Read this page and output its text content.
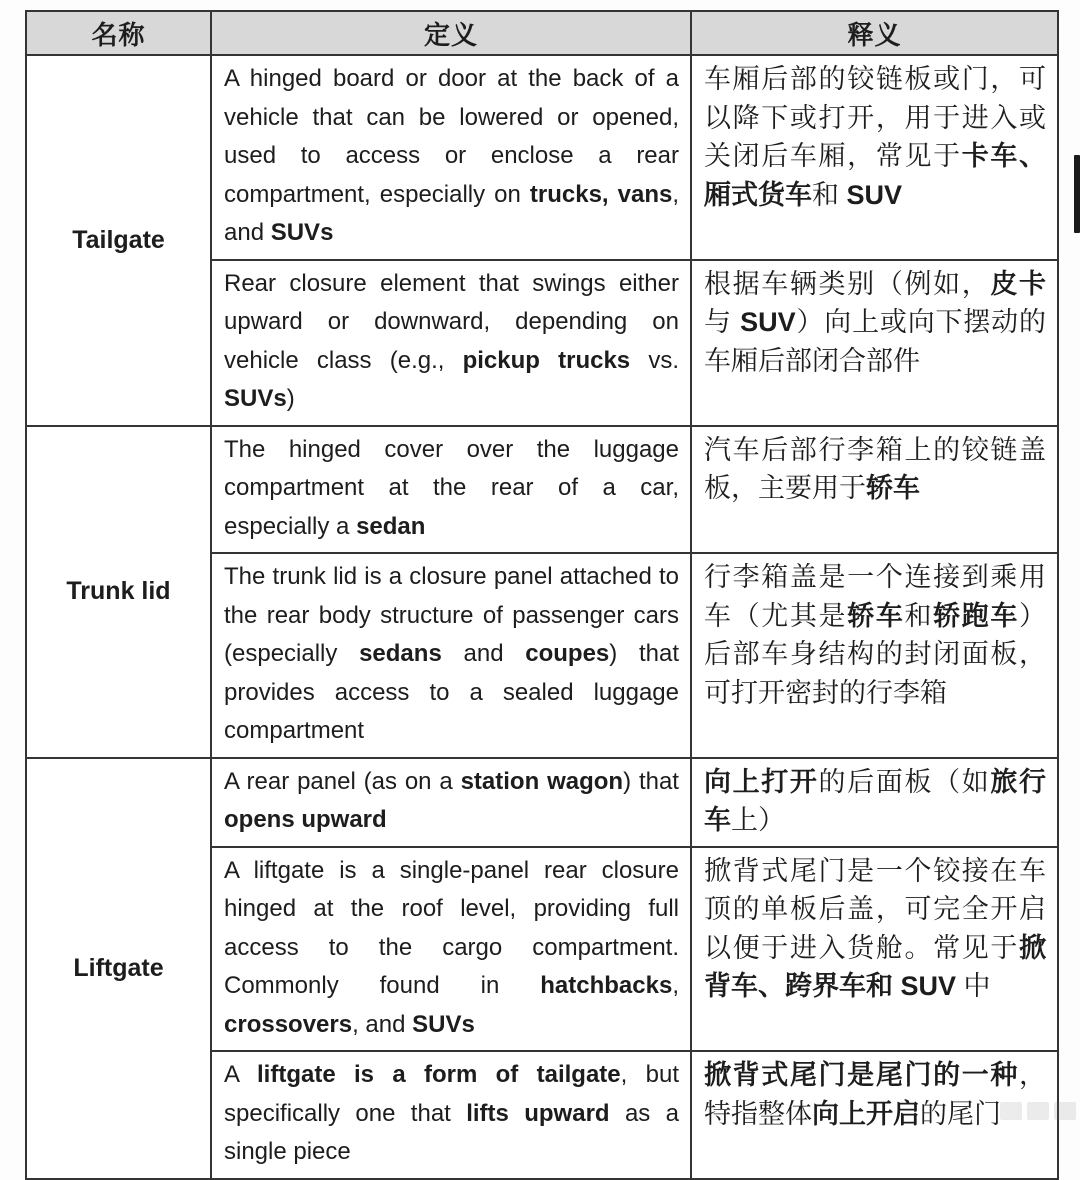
名称	定义	释义
Tailgate	A hinged board or door at the back of a vehicle that can be lowered or opened, used to access or enclose a rear compartment, especially on trucks, vans, and SUVs	车厢后部的铰链板或门，可以降下或打开，用于进入或关闭后车厢，常见于卡车、厢式货车和 SUV
	Rear closure element that swings either upward or downward, depending on vehicle class (e.g., pickup trucks vs. SUVs)	根据车辆类别（例如，皮卡与 SUV）向上或向下摆动的车厢后部闭合部件
Trunk lid	The hinged cover over the luggage compartment at the rear of a car, especially a sedan	汽车后部行李箱上的铰链盖板，主要用于轿车
	The trunk lid is a closure panel attached to the rear body structure of passenger cars (especially sedans and coupes) that provides access to a sealed luggage compartment	行李箱盖是一个连接到乘用车（尤其是轿车和轿跑车）后部车身结构的封闭面板，可打开密封的行李箱
Liftgate	A rear panel (as on a station wagon) that opens upward	向上打开的后面板（如旅行车上）
	A liftgate is a single-panel rear closure hinged at the roof level, providing full access to the cargo compartment. Commonly found in hatchbacks, crossovers, and SUVs	掀背式尾门是一个铰接在车顶的单板后盖，可完全开启以便于进入货舱。常见于掀背车、跨界车和 SUV 中
	A liftgate is a form of tailgate, but specifically one that lifts upward as a single piece	掀背式尾门是尾门的一种，特指整体向上开启的尾门
